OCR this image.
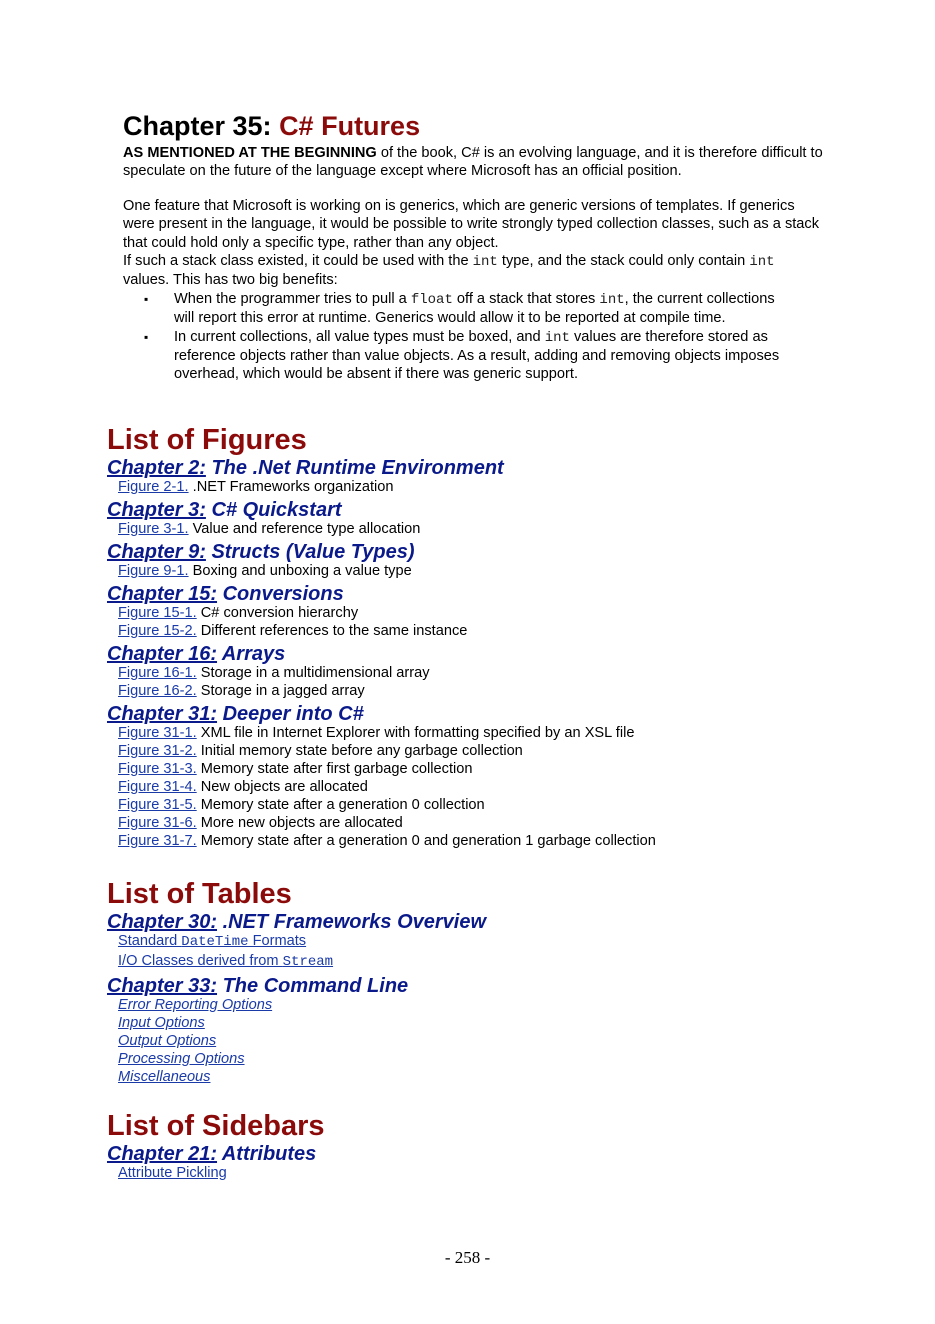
Chapter 35: C# Futures

AS MENTIONED AT THE BEGINNING of the book, C# is an evolving language, and it is therefore difficult to speculate on the future of the language except where Microsoft has an official position.

One feature that Microsoft is working on is generics, which are generic versions of templates. If generics were present in the language, it would be possible to write strongly typed collection classes, such as a stack that could hold only a specific type, rather than any object.

If such a stack class existed, it could be used with the int type, and the stack could only contain int values. This has two big benefits:

▪ When the programmer tries to pull a float off a stack that stores int, the current collections will report this error at runtime. Generics would allow it to be reported at compile time.
▪ In current collections, all value types must be boxed, and int values are therefore stored as reference objects rather than value objects. As a result, adding and removing objects imposes overhead, which would be absent if there was generic support.
List of Figures
Chapter 2: The .Net Runtime Environment
Figure 2-1. .NET Frameworks organization
Chapter 3: C# Quickstart
Figure 3-1. Value and reference type allocation
Chapter 9: Structs (Value Types)
Figure 9-1. Boxing and unboxing a value type
Chapter 15: Conversions
Figure 15-1. C# conversion hierarchy
Figure 15-2. Different references to the same instance
Chapter 16: Arrays
Figure 16-1. Storage in a multidimensional array
Figure 16-2. Storage in a jagged array
Chapter 31: Deeper into C#
Figure 31-1. XML file in Internet Explorer with formatting specified by an XSL file
Figure 31-2. Initial memory state before any garbage collection
Figure 31-3. Memory state after first garbage collection
Figure 31-4. New objects are allocated
Figure 31-5. Memory state after a generation 0 collection
Figure 31-6. More new objects are allocated
Figure 31-7. Memory state after a generation 0 and generation 1 garbage collection
List of Tables
Chapter 30: .NET Frameworks Overview
Standard DateTime Formats
I/O Classes derived from Stream
Chapter 33: The Command Line
Error Reporting Options
Input Options
Output Options
Processing Options
Miscellaneous
List of Sidebars
Chapter 21: Attributes
Attribute Pickling
- 258 -
